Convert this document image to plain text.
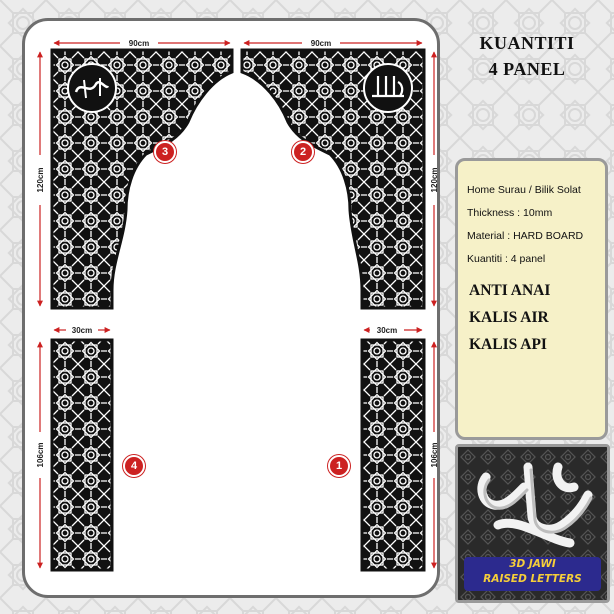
90cm	90cm
120cm	120cm
30cm	30cm
106cm	106cm
3	2
4	1
KUANTITI
4 PANEL
Home Surau / Bilik Solat
Thickness : 10mm
Material : HARD BOARD
Kuantiti : 4 panel
ANTI ANAI
KALIS AIR
KALIS API
3D JAWI
RAISED LETTERS
